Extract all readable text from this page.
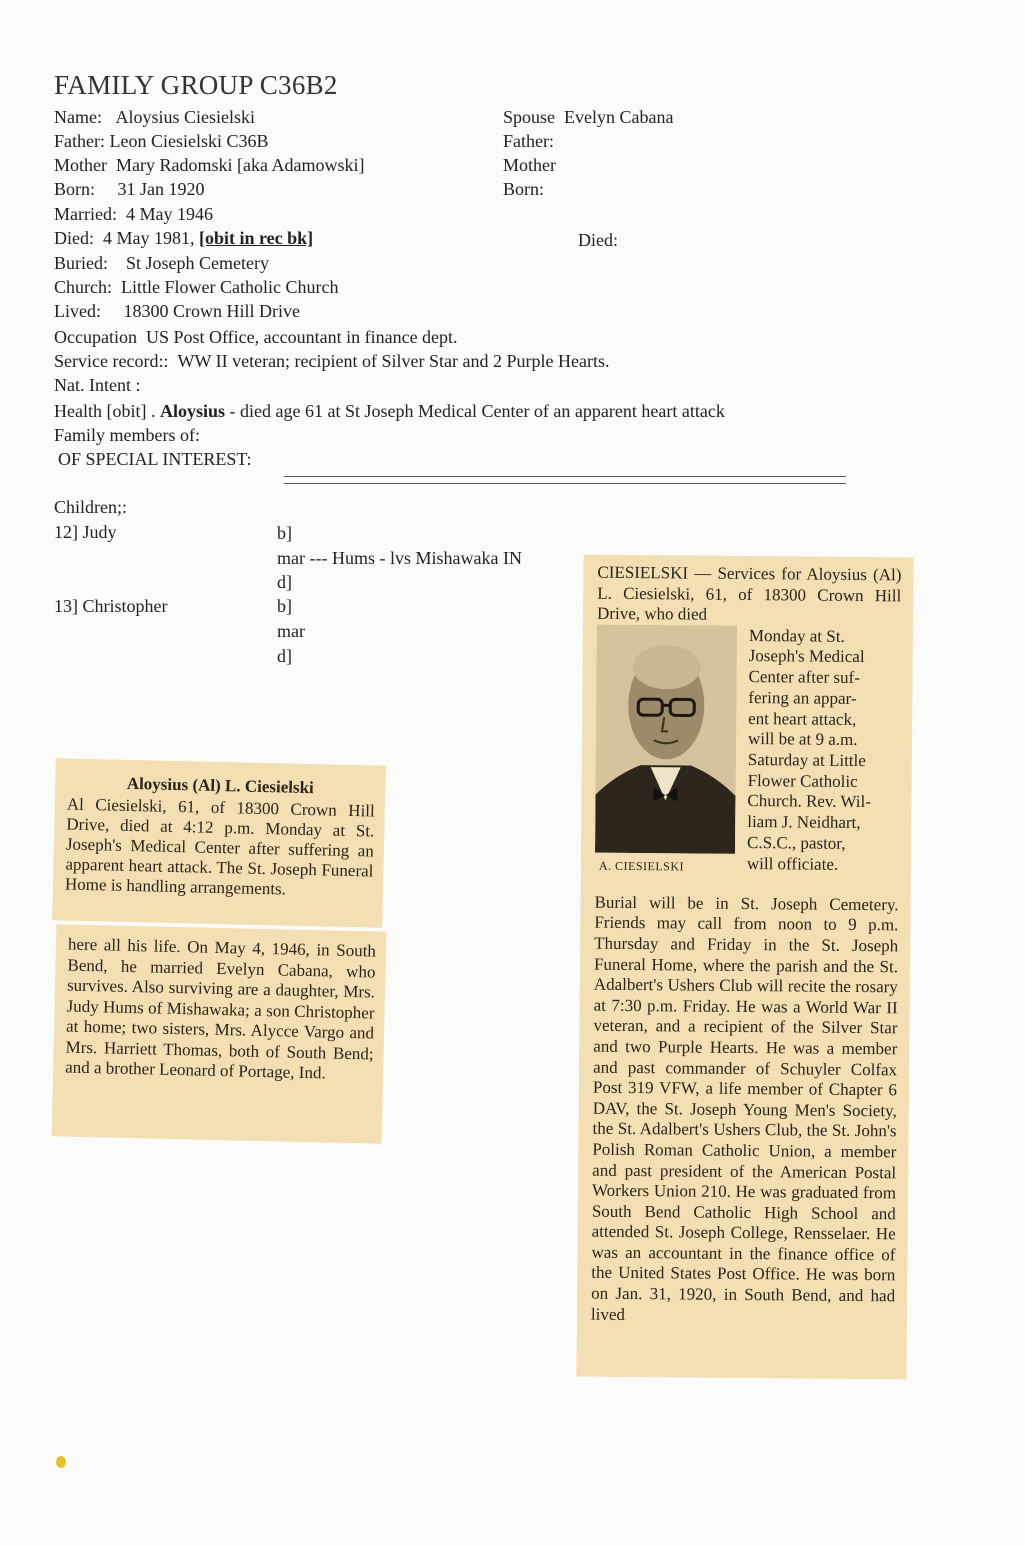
FAMILY GROUP C36B2
Name: Aloysius Ciesielski
Father: Leon Ciesielski C36B
Mother Mary Radomski [aka Adamowski]
Born: 31 Jan 1920
Married: 4 May 1946
Died: 4 May 1981, [obit in rec bk]
Buried: St Joseph Cemetery
Church: Little Flower Catholic Church
Lived: 18300 Crown Hill Drive
Occupation US Post Office, accountant in finance dept.
Service record:: WW II veteran; recipient of Silver Star and 2 Purple Hearts.
Nat. Intent :
Health [obit] . Aloysius - died age 61 at St Joseph Medical Center of an apparent heart attack
Family members of:
OF SPECIAL INTEREST:
Spouse Evelyn Cabana
Father:
Mother
Born:
Died:
Children;:
12] Judy	b]
mar --- Hums - lvs Mishawaka IN
d]
13] Christopher	b]
mar
d]

Aloysius (Al) L. Ciesielski

Al Ciesielski, 61, of 18300 Crown Hill Drive, died at 4:12 p.m. Monday at St. Joseph's Medical Center after suffering an apparent heart attack. The St. Joseph Funeral Home is handling arrangements.

here all his life. On May 4, 1946, in South Bend, he married Evelyn Cabana, who survives. Also surviving are a daughter, Mrs. Judy Hums of Mishawaka; a son Christopher at home; two sisters, Mrs. Alycce Vargo and Mrs. Harriett Thomas, both of South Bend; and a brother Leonard of Portage, Ind.

CIESIELSKI — Services for Aloysius (Al) L. Ciesielski, 61, of 18300 Crown Hill Drive, who died

A. CIESIELSKI
Monday at St.
Joseph's Medical
Center after suf-
fering an appar-
ent heart attack,
will be at 9 a.m.
Saturday at Little
Flower Catholic
Church. Rev. Wil-
liam J. Neidhart,
C.S.C., pastor,
will officiate.

Burial will be in St. Joseph Cemetery. Friends may call from noon to 9 p.m. Thursday and Friday in the St. Joseph Funeral Home, where the parish and the St. Adalbert's Ushers Club will recite the rosary at 7:30 p.m. Friday. He was a World War II veteran, and a recipient of the Silver Star and two Purple Hearts. He was a member and past commander of Schuyler Colfax Post 319 VFW, a life member of Chapter 6 DAV, the St. Joseph Young Men's Society, the St. Adalbert's Ushers Club, the St. John's Polish Roman Catholic Union, a member and past president of the American Postal Workers Union 210. He was graduated from South Bend Catholic High School and attended St. Joseph College, Rensselaer. He was an accountant in the finance office of the United States Post Office. He was born on Jan. 31, 1920, in South Bend, and had lived
